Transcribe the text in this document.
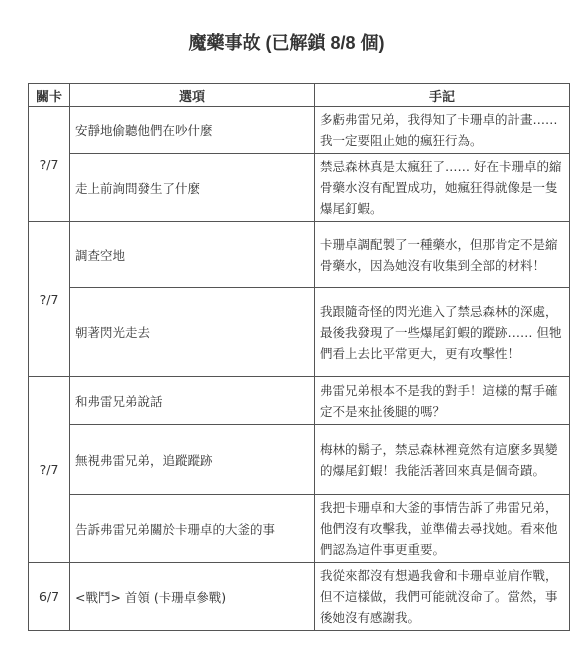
魔藥事故 (已解鎖 8/8 個)
關卡	選項	手記
?/7	安靜地偷聽他們在吵什麼	多虧弗雷兄弟，我得知了卡珊卓的計畫…… 我一定要阻止她的瘋狂行為。
	走上前詢問發生了什麼	禁忌森林真是太瘋狂了…… 好在卡珊卓的縮骨藥水沒有配置成功，她瘋狂得就像是一隻爆尾釘蝦。
?/7	調查空地	卡珊卓調配製了一種藥水，但那肯定不是縮骨藥水，因為她沒有收集到全部的材料！
	朝著閃光走去	我跟隨奇怪的閃光進入了禁忌森林的深處，最後我發現了一些爆尾釘蝦的蹤跡…… 但牠們看上去比平常更大，更有攻擊性！
?/7	和弗雷兄弟說話	弗雷兄弟根本不是我的對手！這樣的幫手確定不是來扯後腿的嗎？
	無視弗雷兄弟，追蹤蹤跡	梅林的鬍子，禁忌森林裡竟然有這麼多異變的爆尾釘蝦！我能活著回來真是個奇蹟。
	告訴弗雷兄弟關於卡珊卓的大釜的事	我把卡珊卓和大釜的事情告訴了弗雷兄弟，他們沒有攻擊我，並準備去尋找她。看來他們認為這件事更重要。
6/7	<戰鬥> 首領 (卡珊卓參戰)	我從來都沒有想過我會和卡珊卓並肩作戰，但不這樣做，我們可能就沒命了。當然，事後她沒有感謝我。
